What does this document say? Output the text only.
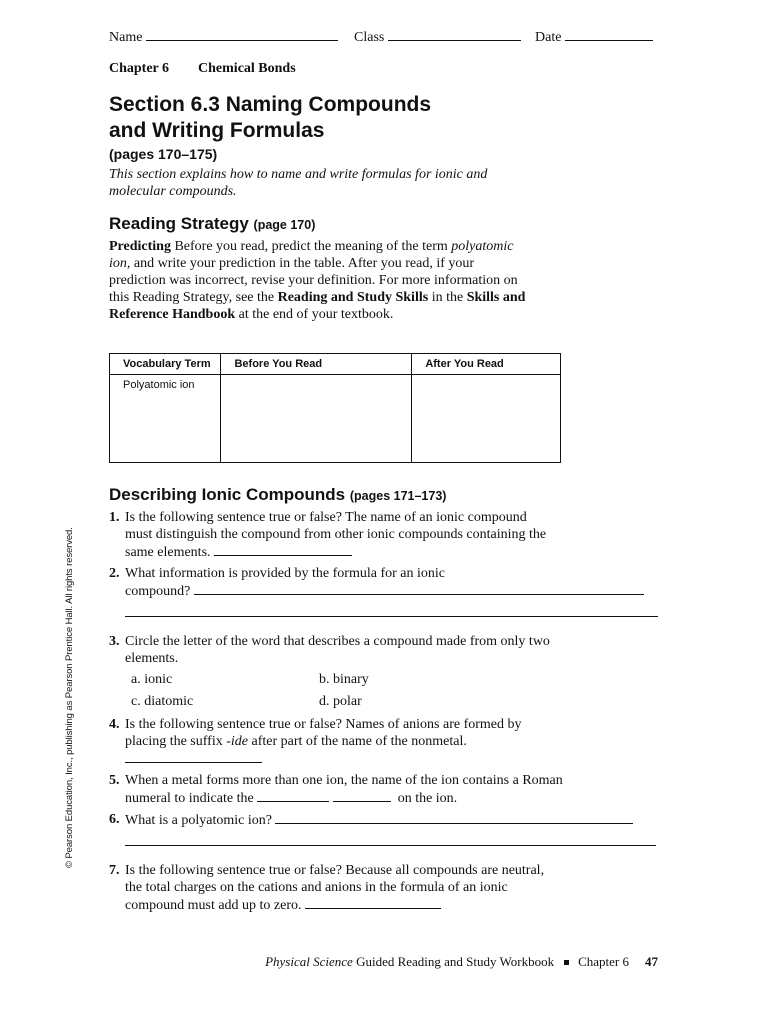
Name	Class	Date
Chapter 6 Chemical Bonds
Section 6.3 Naming Compounds
and Writing Formulas
(pages 170–175)
This section explains how to name and write formulas for ionic and molecular compounds.
Reading Strategy (page 170)
Predicting Before you read, predict the meaning of the term polyatomic ion, and write your prediction in the table. After you read, if your prediction was incorrect, revise your definition. For more information on this Reading Strategy, see the Reading and Study Skills in the Skills and Reference Handbook at the end of your textbook.
Vocabulary Term	Before You Read	After You Read
Polyatomic ion		
Describing Ionic Compounds (pages 171–173)
1. Is the following sentence true or false? The name of an ionic compound must distinguish the compound from other ionic compounds containing the same elements.
2. What information is provided by the formula for an ionic
compound?
3. Circle the letter of the word that describes a compound made from only two elements.
a. ionic	b. binary
c. diatomic	d. polar
4. Is the following sentence true or false? Names of anions are formed by placing the suffix -ide after part of the name of the nonmetal.
5. When a metal forms more than one ion, the name of the ion contains a Roman numeral to indicate the	on the ion.
6. What is a polyatomic ion?
7. Is the following sentence true or false? Because all compounds are neutral, the total charges on the cations and anions in the formula of an ionic compound must add up to zero.
© Pearson Education, Inc., publishing as Pearson Prentice Hall. All rights reserved.
Physical Science Guided Reading and Study Workbook Chapter 6 47
